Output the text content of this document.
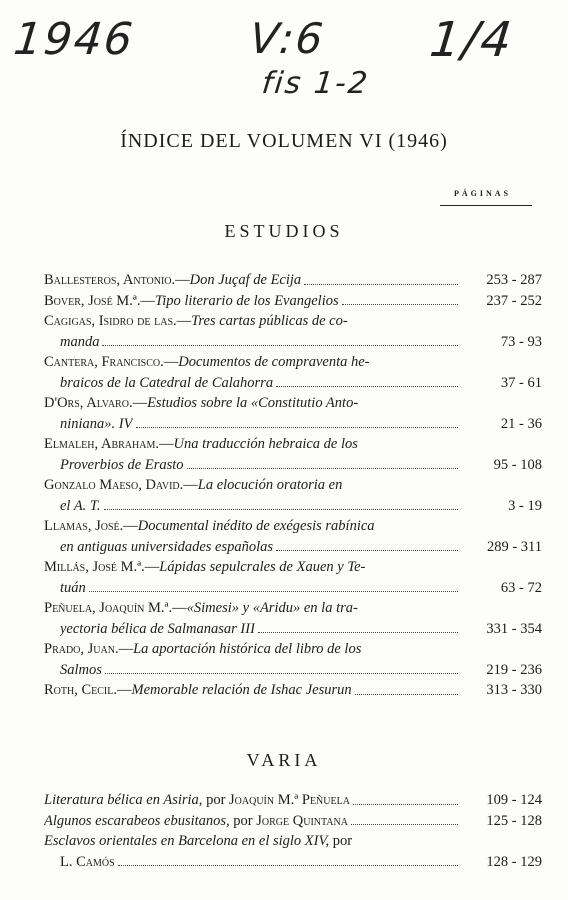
1946	V:6 1/4
fis 1-2
ÍNDICE DEL VOLUMEN VI (1946)
PÁGINAS
ESTUDIOS
Ballesteros, Antonio.—Don Juçaf de Ecija	253 - 287
Bover, José M.ª.—Tipo literario de los Evangelios	237 - 252
Cagigas, Isidro de las.—Tres cartas públicas de co-
manda	73 - 93
Cantera, Francisco.—Documentos de compraventa he-
braicos de la Catedral de Calahorra	37 - 61
D'Ors, Alvaro.—Estudios sobre la «Constitutio Anto-
niniana». IV	21 - 36
Elmaleh, Abraham.—Una traducción hebraica de los
Proverbios de Erasto	95 - 108
Gonzalo Maeso, David.—La elocución oratoria en
el A. T.	3 - 19
Llamas, José.—Documental inédito de exégesis rabínica
en antiguas universidades españolas	289 - 311
Millás, José M.ª.—Lápidas sepulcrales de Xauen y Te-
tuán	63 - 72
Peñuela, Joaquín M.ª.—«Simesi» y «Aridu» en la tra-
yectoria bélica de Salmanasar III	331 - 354
Prado, Juan.—La aportación histórica del libro de los
Salmos	219 - 236
Roth, Cecil.—Memorable relación de Ishac Jesurun	313 - 330
VARIA
Literatura bélica en Asiria, por Joaquín M.ª Peñuela	109 - 124
Algunos escarabeos ebusitanos, por Jorge Quintana	125 - 128
Esclavos orientales en Barcelona en el siglo XIV, por
L. Camós	128 - 129
